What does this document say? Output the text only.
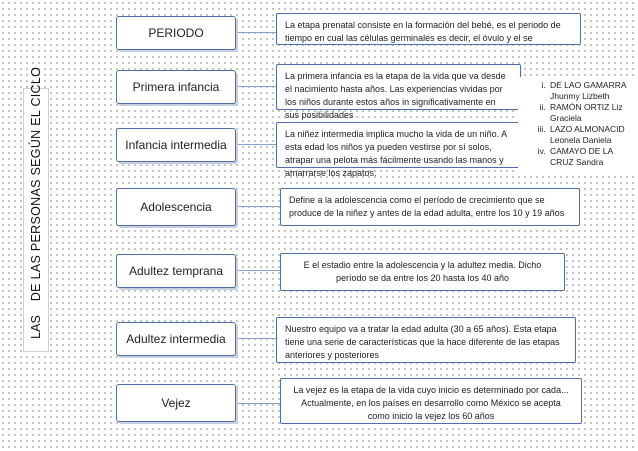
LAS
DE LAS PERSONAS SEGÚN EL CICLO
PERIODO
Primera infancia
Infancia intermedia
Adolescencia
Adultez temprana
Adultez intermedia
Vejez
La etapa prenatal consiste en la formación del bebé, es el periodo de tiempo en cual las células germinales es decir, el óvulo y el se
La primera infancia es la etapa de la vida que va desde el nacimiento hasta años. Las experiencias vividas por los niños durante estos años in significativamente en sus posibilidades
La niñez intermedia implica mucho la vida de un niño. A esta edad los niños ya pueden vestirse por sí solos, atrapar una pelota más fácilmente usando las manos y amarrarse los zapatos.
Define a la adolescencia como el período de crecimiento que se produce de la niñez y antes de la edad adulta, entre los 10 y 19 años
E el estadio entre la adolescencia y la adultez media. Dicho período se da entre los 20 hasta los 40 año
Nuestro equipo va a tratar la edad adulta (30 a 65 años). Esta etapa tiene una serie de características que la hace diferente de las etapas anteriores y posteriores
La vejez es la etapa de la vida cuyo inicio es determinado por cada... Actualmente, en los países en desarrollo como México se acepta como inicio la vejez los 60 años
i. DE LAO GAMARRA Jhunmy Lizbeth
ii. RAMÓN ORTIZ Liz Graciela
iii. LAZO ALMONACID Leonela Daniela
iv. CAMAYO DE LA CRUZ Sandra
